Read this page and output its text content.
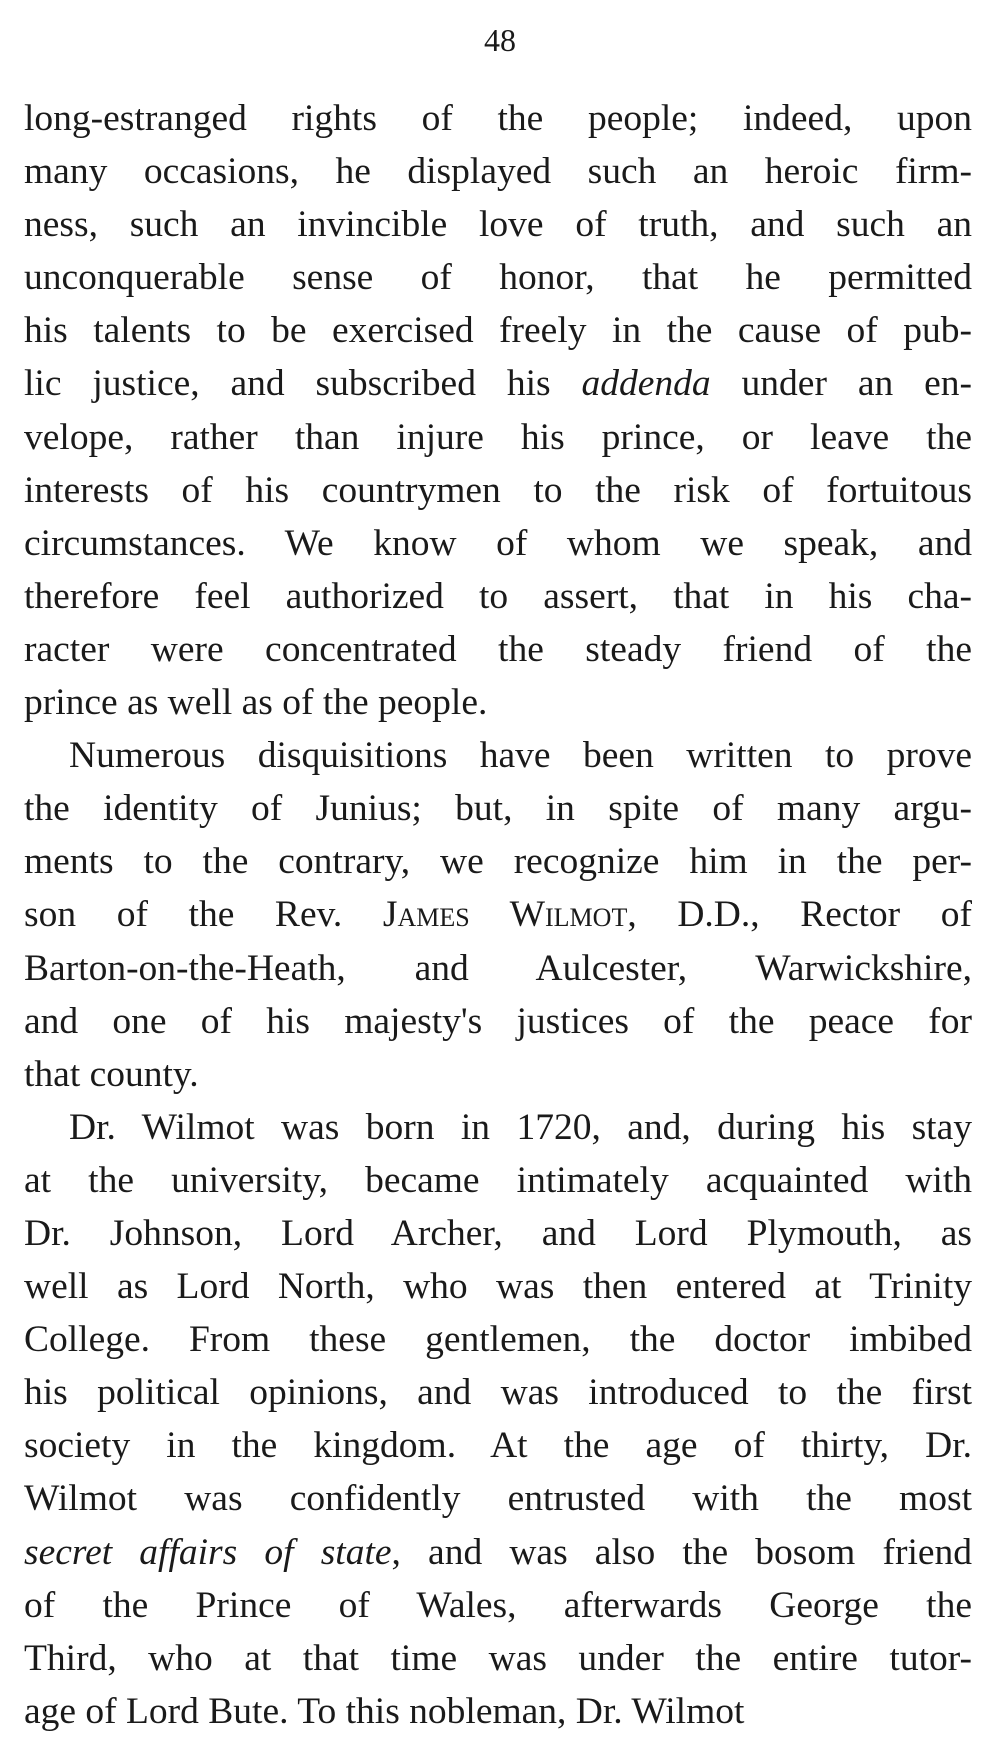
48
long-estranged rights of the people; indeed, upon
many occasions, he displayed such an heroic firm-
ness, such an invincible love of truth, and such an
unconquerable sense of honor, that he permitted
his talents to be exercised freely in the cause of pub-
lic justice, and subscribed his addenda under an en-
velope, rather than injure his prince, or leave the
interests of his countrymen to the risk of fortuitous
circumstances. We know of whom we speak, and
therefore feel authorized to assert, that in his cha-
racter were concentrated the steady friend of the
prince as well as of the people.
Numerous disquisitions have been written to prove
the identity of Junius; but, in spite of many argu-
ments to the contrary, we recognize him in the per-
son of the Rev. James Wilmot, D.D., Rector of
Barton-on-the-Heath, and Aulcester, Warwickshire,
and one of his majesty's justices of the peace for
that county.
Dr. Wilmot was born in 1720, and, during his stay
at the university, became intimately acquainted with
Dr. Johnson, Lord Archer, and Lord Plymouth, as
well as Lord North, who was then entered at Trinity
College. From these gentlemen, the doctor imbibed
his political opinions, and was introduced to the first
society in the kingdom. At the age of thirty, Dr.
Wilmot was confidently entrusted with the most
secret affairs of state, and was also the bosom friend
of the Prince of Wales, afterwards George the
Third, who at that time was under the entire tutor-
age of Lord Bute. To this nobleman, Dr. Wilmot
